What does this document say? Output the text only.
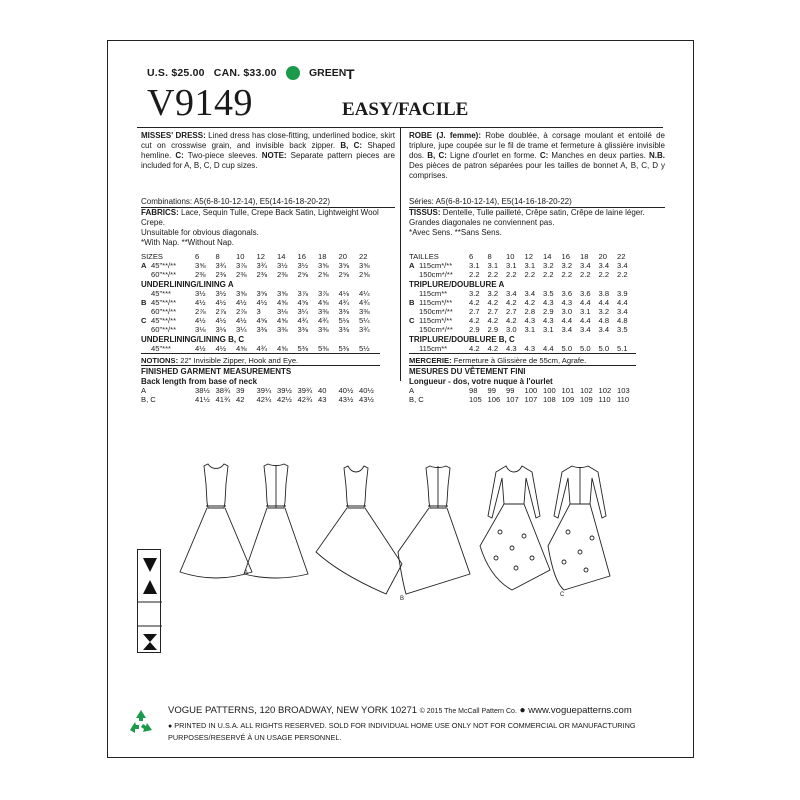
U.S. $25.00 CAN. $33.00	GREEN T
V9149	EASY/FACILE
MISSES' DRESS: Lined dress has close-fitting, underlined bodice, skirt cut on crosswise grain, and invisible back zipper. B, C: Shaped hemline. C: Two-piece sleeves. NOTE: Separate pattern pieces are included for A, B, C, D cup sizes.
Combinations: A5(6-8-10-12-14), E5(14-16-18-20-22)
FABRICS: Lace, Sequin Tulle, Crepe Back Satin, Lightweight Wool Crepe.
Unsuitable for obvious diagonals.
*With Nap. **Without Nap.
SIZES		6	8	10	12	14	16	18	20	22
A	45"**/**	3⅝	3¾	3⅞	3¾	3½	3½	3⅝	3⅝	3⅝
	60"**/**	2⅜	2⅜	2⅜	2⅜	2⅜	2⅝	2⅝	2⅝	2⅝
UNDERLINING/LINING A										
	45"***	3½	3½	3⅝	3⅝	3⅝	3⅞	3⅞	4⅛	4¼
B	45"**/**	4½	4½	4½	4½	4⅝	4⅝	4⅝	4¾	4¾
	60"**/**	2⅞	2⅞	2⅞	3	3⅛	3¼	3⅜	3⅜	3⅜
C	45"**/**	4½	4½	4½	4⅝	4⅝	4¾	4¾	5⅛	5¼
	60"**/**	3⅛	3⅛	3¼	3⅜	3⅜	3⅜	3⅜	3⅜	3¾
UNDERLINING/LINING B, C										
	45"***	4½	4½	4⅝	4¾	4⅝	5⅜	5⅜	5⅜	5½
NOTIONS: 22" Invisible Zipper, Hook and Eye.										
FINISHED GARMENT MEASUREMENTS										
Back length from base of neck										
A		38½	38¾	39	39¼	39½	39¾	40	40½	40½
B, C		41½	41¾	42	42¼	42½	42¾	43	43½	43½
ROBE (J. femme): Robe doublée, à corsage moulant et entoilé de triplure, jupe coupée sur le fil de trame et fermeture à glissière invisible dos. B, C: Ligne d'ourlet en forme. C: Manches en deux parties. N.B. Des pièces de patron séparées pour les tailles de bonnet A, B, C, D y comprises.
Séries: A5(6-8-10-12-14), E5(14-16-18-20-22)
TISSUS: Dentelle, Tulle pailleté, Crêpe satin, Crêpe de laine léger.
Grandes diagonales ne conviennent pas.
*Avec Sens. **Sans Sens.
TAILLES		6	8	10	12	14	16	18	20	22
A	115cm*/**	3.1	3.1	3.1	3.1	3.2	3.2	3.4	3.4	3.4
	150cm*/**	2.2	2.2	2.2	2.2	2.2	2.2	2.2	2.2	2.2
TRIPLURE/DOUBLURE A										
	115cm**	3.2	3.2	3.4	3.4	3.5	3.6	3.6	3.8	3.9
B	115cm*/**	4.2	4.2	4.2	4.2	4.3	4.3	4.4	4.4	4.4
	150cm*/**	2.7	2.7	2.7	2.8	2.9	3.0	3.1	3.2	3.4
C	115cm*/**	4.2	4.2	4.2	4.3	4.3	4.4	4.4	4.8	4.8
	150cm*/**	2.9	2.9	3.0	3.1	3.1	3.4	3.4	3.4	3.5
TRIPLURE/DOUBLURE B, C										
	115cm**	4.2	4.2	4.3	4.3	4.4	5.0	5.0	5.0	5.1
MERCERIE: Fermeture à Glissière de 55cm, Agrafe.										
MESURES DU VÊTEMENT FINI										
Longueur - dos, votre nuque à l'ourlet										
A		98	99	99	100	100	101	102	102	103
B, C		105	106	107	107	108	109	109	110	110
A
B
C
VOGUE PATTERNS, 120 BROADWAY, NEW YORK 10271 © 2015 The McCall Pattern Co. ● www.voguepatterns.com
● PRINTED IN U.S.A. ALL RIGHTS RESERVED. SOLD FOR INDIVIDUAL HOME USE ONLY NOT FOR COMMERCIAL OR MANUFACTURING PURPOSES/RESERVÉ À UN USAGE PERSONNEL.
